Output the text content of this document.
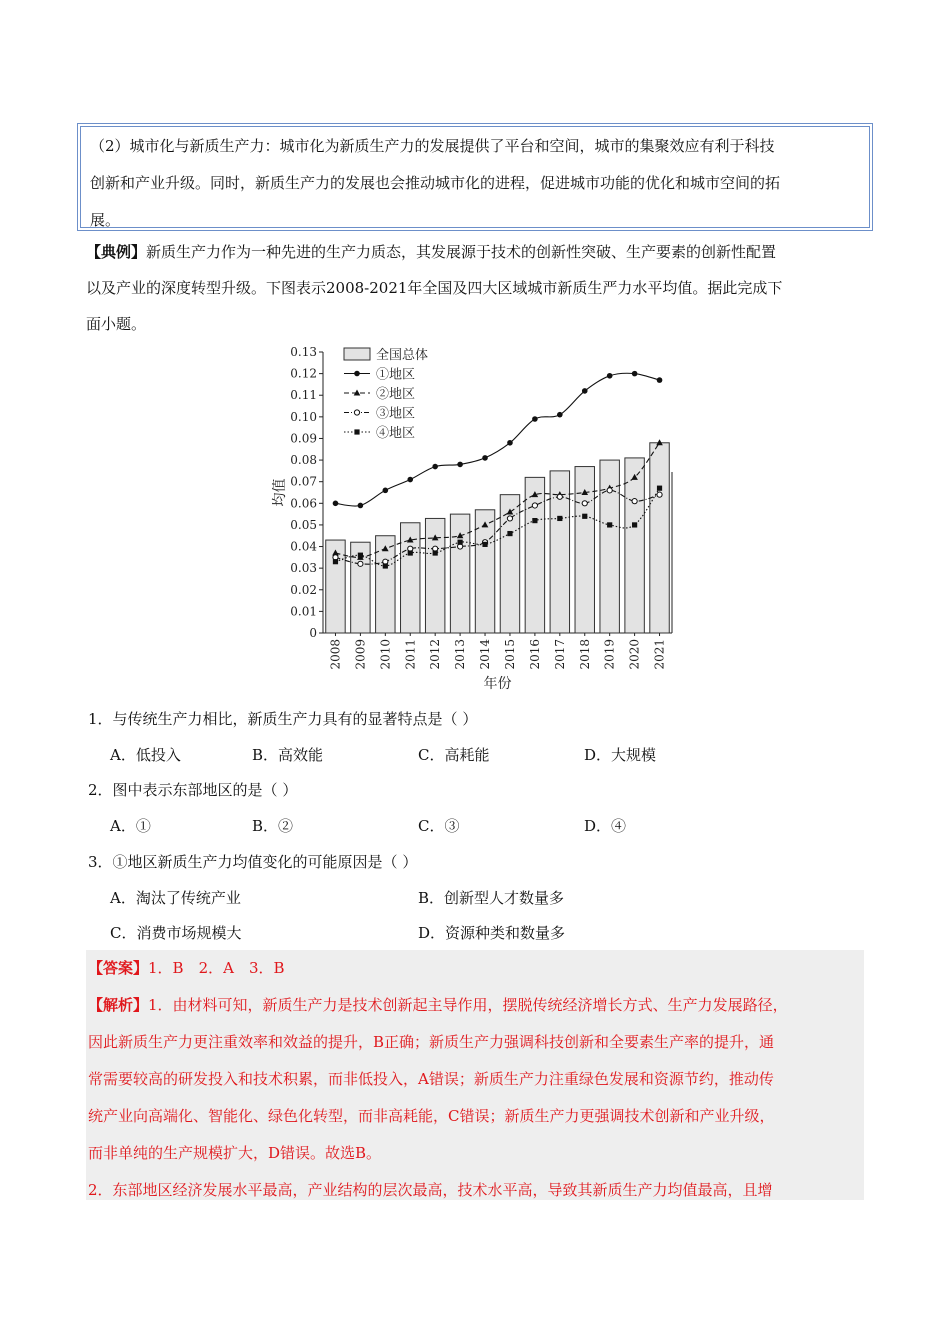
（2）城市化与新质生产力：城市化为新质生产力的发展提供了平台和空间，城市的集聚效应有利于科技
创新和产业升级。同时，新质生产力的发展也会推动城市化的进程，促进城市功能的优化和城市空间的拓
展。
【典例】新质生产力作为一种先进的生产力质态，其发展源于技术的创新性突破、生产要素的创新性配置
以及产业的深度转型升级。下图表示2008-2021年全国及四大区域城市新质生严力水平均值。据此完成下
面小题。
0
0.01
0.02
0.03
0.04
0.05
0.06
0.07
0.08
0.09
0.10
0.11
0.12
0.13
2008 2009 2010 2011 2012 2013 2014 2015 2016 2017 2018 2019 2020 2021
均值
年份
全国总体
①地区
②地区
③地区
④地区
1．与传统生产力相比，新质生产力具有的显著特点是（ ）
A．低投入	B．高效能	C．高耗能	D．大规模
2．图中表示东部地区的是（ ）
A．①	B．②	C．③	D．④
3．①地区新质生产力均值变化的可能原因是（ ）
A．淘汰了传统产业	B．创新型人才数量多
C．消费市场规模大	D．资源种类和数量多
【答案】1．B　2．A　3．B
【解析】1．由材料可知，新质生产力是技术创新起主导作用，摆脱传统经济增长方式、生产力发展路径，
因此新质生产力更注重效率和效益的提升，B正确；新质生产力强调科技创新和全要素生产率的提升，通
常需要较高的研发投入和技术积累，而非低投入，A错误；新质生产力注重绿色发展和资源节约，推动传
统产业向高端化、智能化、绿色化转型，而非高耗能，C错误；新质生产力更强调技术创新和产业升级，
而非单纯的生产规模扩大，D错误。故选B。
2．东部地区经济发展水平最高，产业结构的层次最高，技术水平高，导致其新质生产力均值最高，且增
